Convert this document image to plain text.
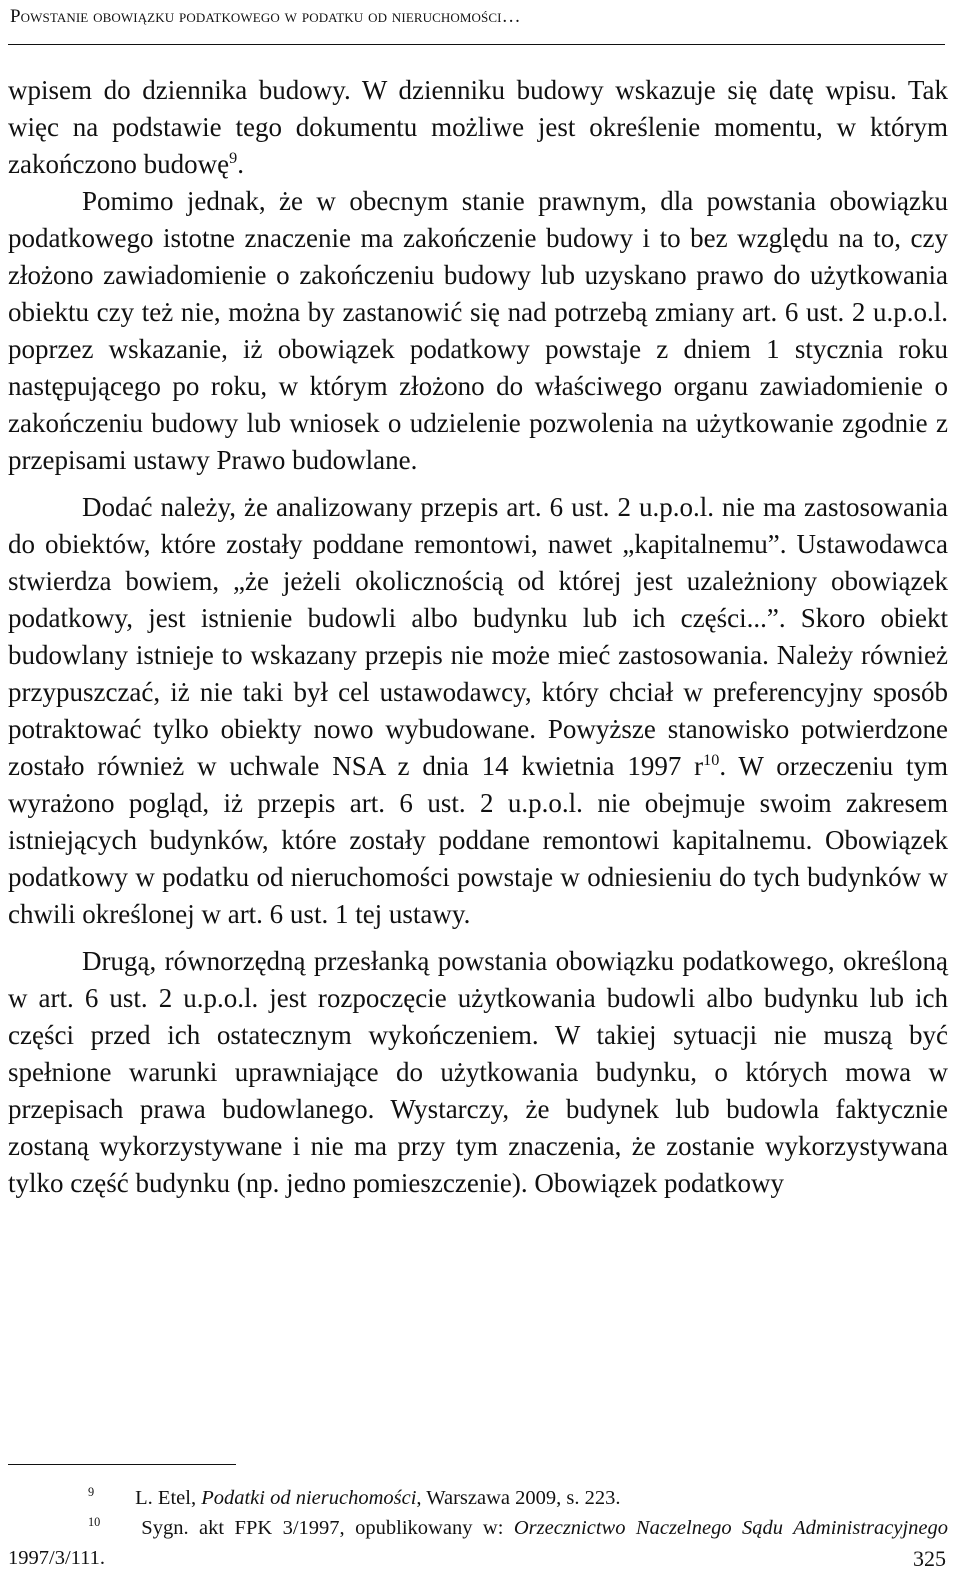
Powstanie obowiązku podatkowego w podatku od nieruchomości…

wpisem do dziennika budowy. W dzienniku budowy wskazuje się datę wpisu. Tak więc na podstawie tego dokumentu możliwe jest określenie momentu, w którym zakończono budowę$^9$.

Pomimo jednak, że w obecnym stanie prawnym, dla powstania obowiązku podatkowego istotne znaczenie ma zakończenie budowy i to bez względu na to, czy złożono zawiadomienie o zakończeniu budowy lub uzyskano prawo do użytkowania obiektu czy też nie, można by zastanowić się nad potrzebą zmiany art. 6 ust. 2 u.p.o.l. poprzez wskazanie, iż obowiązek podatkowy powstaje z dniem 1 stycznia roku następującego po roku, w którym złożono do właściwego organu zawiadomienie o zakończeniu budowy lub wniosek o udzielenie pozwolenia na użytkowanie zgodnie z przepisami ustawy Prawo budowlane.

Dodać należy, że analizowany przepis art. 6 ust. 2 u.p.o.l. nie ma zastosowania do obiektów, które zostały poddane remontowi, nawet „kapitalnemu”. Ustawodawca stwierdza bowiem, „że jeżeli okolicznością od której jest uzależniony obowiązek podatkowy, jest istnienie budowli albo budynku lub ich części...”. Skoro obiekt budowlany istnieje to wskazany przepis nie może mieć zastosowania. Należy również przypuszczać, iż nie taki był cel ustawodawcy, który chciał w preferencyjny sposób potraktować tylko obiekty nowo wybudowane. Powyższe stanowisko potwierdzone zostało również w uchwale NSA z dnia 14 kwietnia 1997 $r^{10}$. W orzeczeniu tym wyrażono pogląd, iż przepis art. 6 ust. 2 u.p.o.l. nie obejmuje swoim zakresem istniejących budynków, które zostały poddane remontowi kapitalnemu. Obowiązek podatkowy w podatku od nieruchomości powstaje w odniesieniu do tych budynków w chwili określonej w art. 6 ust. 1 tej ustawy.

Drugą, równorzędną przesłanką powstania obowiązku podatkowego, określoną w art. 6 ust. 2 u.p.o.l. jest rozpoczęcie użytkowania budowli albo budynku lub ich części przed ich ostatecznym wykończeniem. W takiej sytuacji nie muszą być spełnione warunki uprawniające do użytkowania budynku, o których mowa w przepisach prawa budowlanego. Wystarczy, że budynek lub budowla faktycznie zostaną wykorzystywane i nie ma przy tym znaczenia, że zostanie wykorzystywana tylko część budynku (np. jedno pomieszczenie). Obowiązek podatkowy

$^9$   L. Etel, Podatki od nieruchomości, Warszawa 2009, s. 223.

$^{10}$   Sygn. akt FPK 3/1997, opublikowany w: Orzecznictwo Naczelnego Sądu Administracyjnego 1997/3/111.	325
